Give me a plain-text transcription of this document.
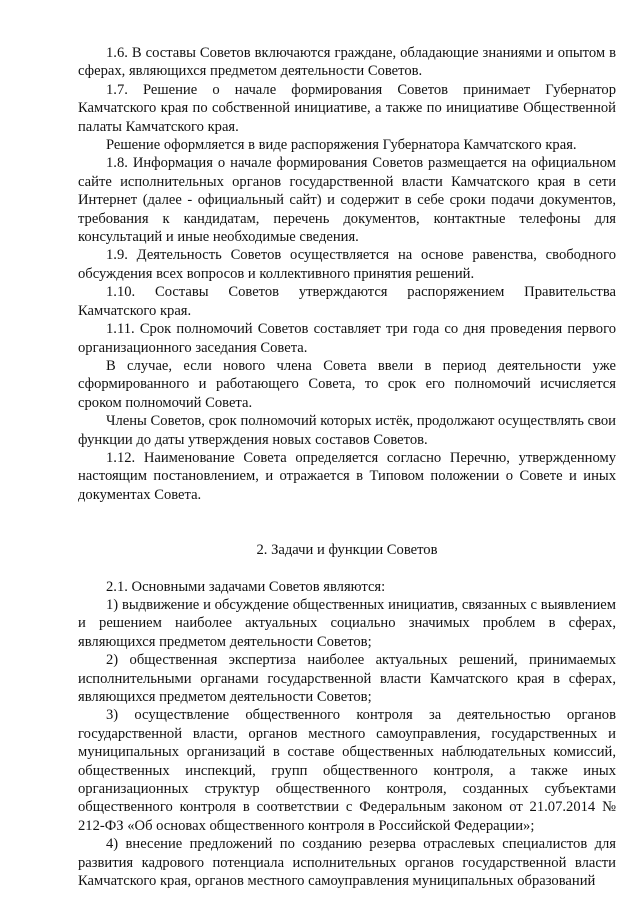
1.6. В составы Советов включаются граждане, обладающие знаниями и опытом в сферах, являющихся предметом деятельности Советов.

1.7. Решение о начале формирования Советов принимает Губернатор Камчатского края по собственной инициативе, а также по инициативе Общественной палаты Камчатского края.

Решение оформляется в виде распоряжения Губернатора Камчатского края.

1.8. Информация о начале формирования Советов размещается на официальном сайте исполнительных органов государственной власти Камчатского края в сети Интернет (далее - официальный сайт) и содержит в себе сроки подачи документов, требования к кандидатам, перечень документов, контактные телефоны для консультаций и иные необходимые сведения.

1.9. Деятельность Советов осуществляется на основе равенства, свободного обсуждения всех вопросов и коллективного принятия решений.

1.10. Составы Советов утверждаются распоряжением Правительства Камчатского края.

1.11. Срок полномочий Советов составляет три года со дня проведения первого организационного заседания Совета.

В случае, если нового члена Совета ввели в период деятельности уже сформированного и работающего Совета, то срок его полномочий исчисляется сроком полномочий Совета.

Члены Советов, срок полномочий которых истёк, продолжают осуществлять свои функции до даты утверждения новых составов Советов.

1.12. Наименование Совета определяется согласно Перечню, утвержденному настоящим постановлением, и отражается в Типовом положении о Совете и иных документах Совета.

2. Задачи и функции Советов

2.1. Основными задачами Советов являются:

1) выдвижение и обсуждение общественных инициатив, связанных с выявлением и решением наиболее актуальных социально значимых проблем в сферах, являющихся предметом деятельности Советов;

2) общественная экспертиза наиболее актуальных решений, принимаемых исполнительными органами государственной власти Камчатского края в сферах, являющихся предметом деятельности Советов;

3) осуществление общественного контроля за деятельностью органов государственной власти, органов местного самоуправления, государственных и муниципальных организаций в составе общественных наблюдательных комиссий, общественных инспекций, групп общественного контроля, а также иных организационных структур общественного контроля, созданных субъектами общественного контроля в соответствии с Федеральным законом от 21.07.2014 № 212-ФЗ «Об основах общественного контроля в Российской Федерации»;

4) внесение предложений по созданию резерва отраслевых специалистов для развития кадрового потенциала исполнительных органов государственной власти Камчатского края, органов местного самоуправления муниципальных образований
